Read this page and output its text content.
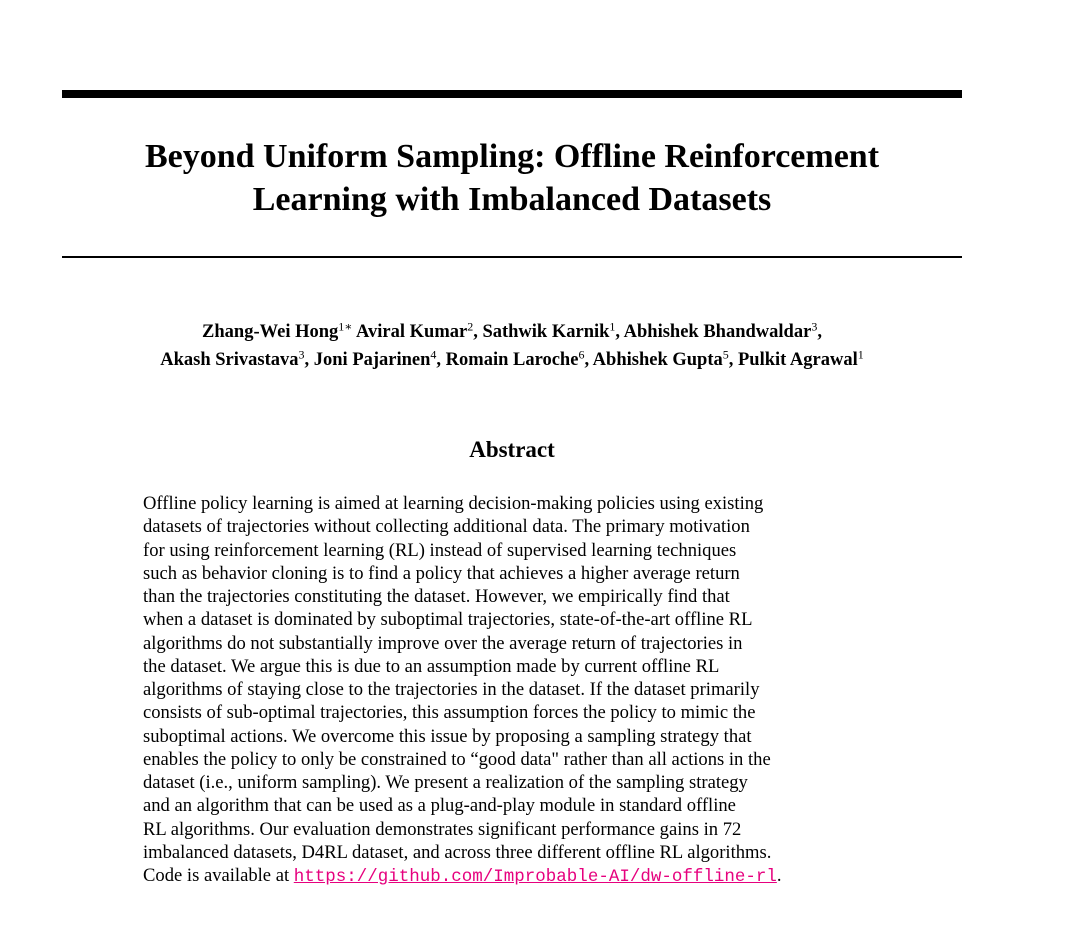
Beyond Uniform Sampling: Offline Reinforcement
Learning with Imbalanced Datasets
Zhang-Wei Hong$^{1∗}$ Aviral Kumar$^2$, Sathwik Karnik$^1$, Abhishek Bhandwaldar$^3$,
Akash Srivastava$^3$, Joni Pajarinen$^4$, Romain Laroche$^6$, Abhishek Gupta$^5$, Pulkit Agrawal$^1$
Abstract
Offline policy learning is aimed at learning decision-making policies using existing
datasets of trajectories without collecting additional data. The primary motivation
for using reinforcement learning (RL) instead of supervised learning techniques
such as behavior cloning is to find a policy that achieves a higher average return
than the trajectories constituting the dataset. However, we empirically find that
when a dataset is dominated by suboptimal trajectories, state-of-the-art offline RL
algorithms do not substantially improve over the average return of trajectories in
the dataset. We argue this is due to an assumption made by current offline RL
algorithms of staying close to the trajectories in the dataset. If the dataset primarily
consists of sub-optimal trajectories, this assumption forces the policy to mimic the
suboptimal actions. We overcome this issue by proposing a sampling strategy that
enables the policy to only be constrained to “good data" rather than all actions in the
dataset (i.e., uniform sampling). We present a realization of the sampling strategy
and an algorithm that can be used as a plug-and-play module in standard offline
RL algorithms. Our evaluation demonstrates significant performance gains in 72
imbalanced datasets, D4RL dataset, and across three different offline RL algorithms.
Code is available at https://github.com/Improbable-AI/dw-offline-rl.
